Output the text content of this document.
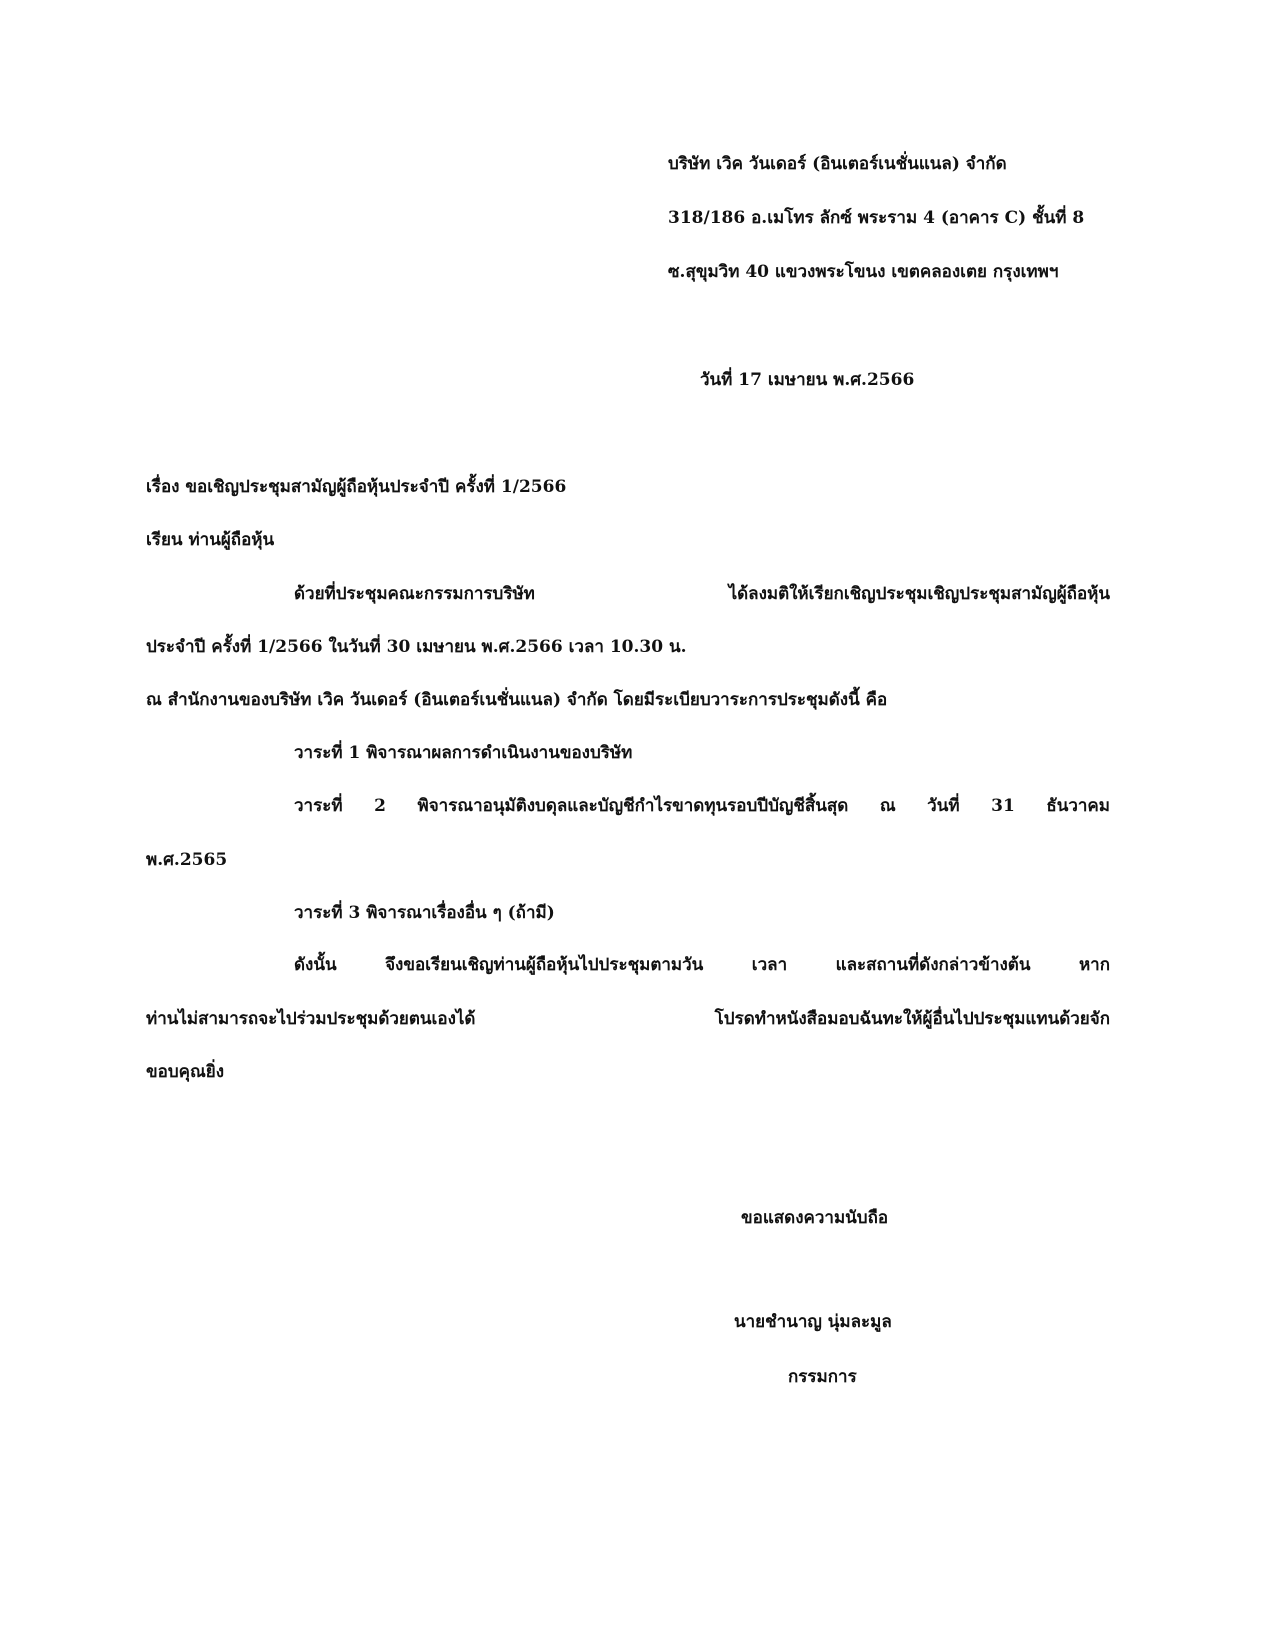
บริษัท เวิค วันเดอร์ (อินเตอร์เนชั่นแนล) จำกัด
318/186 อ.เมโทร ลักซ์ พระราม 4 (อาคาร C) ชั้นที่ 8
ซ.สุขุมวิท 40 แขวงพระโขนง เขตคลองเตย กรุงเทพฯ
วันที่ 17 เมษายน พ.ศ.2566
เรื่อง ขอเชิญประชุมสามัญผู้ถือหุ้นประจำปี ครั้งที่ 1/2566
เรียน ท่านผู้ถือหุ้น
ด้วยที่ประชุมคณะกรรมการบริษัท ได้ลงมติให้เรียกเชิญประชุมเชิญประชุมสามัญผู้ถือหุ้น
ประจำปี ครั้งที่ 1/2566 ในวันที่ 30 เมษายน พ.ศ.2566 เวลา 10.30 น.
ณ สำนักงานของบริษัท เวิค วันเดอร์ (อินเตอร์เนชั่นแนล) จำกัด โดยมีระเบียบวาระการประชุมดังนี้ คือ
วาระที่ 1 พิจารณาผลการดำเนินงานของบริษัท
วาระที่ 2 พิจารณาอนุมัติงบดุลและบัญชีกำไรขาดทุนรอบปีบัญชีสิ้นสุด ณ วันที่ 31 ธันวาคม
พ.ศ.2565
วาระที่ 3 พิจารณาเรื่องอื่น ๆ (ถ้ามี)
ดังนั้น จึงขอเรียนเชิญท่านผู้ถือหุ้นไปประชุมตามวัน เวลา และสถานที่ดังกล่าวข้างต้น หาก
ท่านไม่สามารถจะไปร่วมประชุมด้วยตนเองได้ โปรดทำหนังสือมอบฉันทะให้ผู้อื่นไปประชุมแทนด้วยจัก
ขอบคุณยิ่ง
ขอแสดงความนับถือ
นายชำนาญ นุ่มละมูล
กรรมการ
